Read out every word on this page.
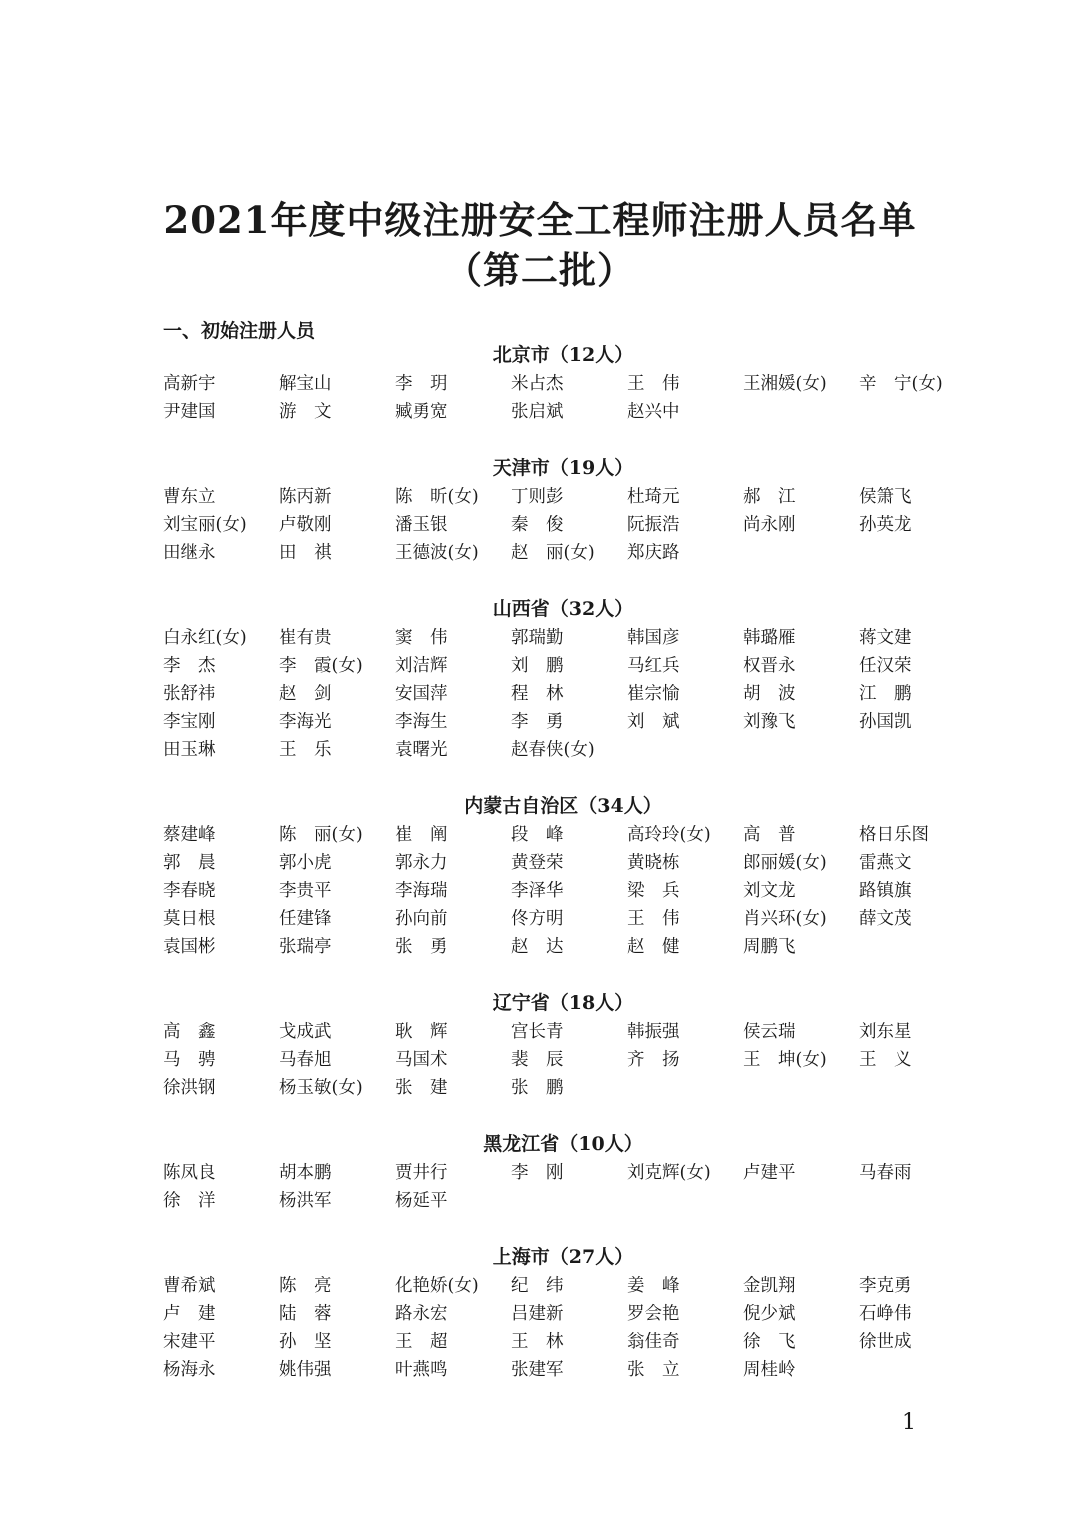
2021年度中级注册安全工程师注册人员名单
（第二批）
一、初始注册人员
北京市（12人）
高新宇	解宝山	李　玥	米占杰	王　伟	王湘媛(女)	辛　宁(女)
尹建国	游　文	臧勇宽	张启斌	赵兴中
天津市（19人）
曹东立	陈丙新	陈　昕(女)	丁则彭	杜琦元	郝　江	侯箫飞
刘宝丽(女)	卢敬刚	潘玉银	秦　俊	阮振浩	尚永刚	孙英龙
田继永	田　祺	王德波(女)	赵　丽(女)	郑庆路
山西省（32人）
白永红(女)	崔有贵	窦　伟	郭瑞勤	韩国彦	韩璐雁	蒋文建
李　杰	李　霞(女)	刘洁辉	刘　鹏	马红兵	权晋永	任汉荣
张舒祎	赵　剑	安国萍	程　林	崔宗愉	胡　波	江　鹏
李宝刚	李海光	李海生	李　勇	刘　斌	刘豫飞	孙国凯
田玉琳	王　乐	袁曙光	赵春侠(女)
内蒙古自治区（34人）
蔡建峰	陈　丽(女)	崔　阐	段　峰	高玲玲(女)	高　普	格日乐图
郭　晨	郭小虎	郭永力	黄登荣	黄晓栋	郎丽媛(女)	雷燕文
李春晓	李贵平	李海瑞	李泽华	梁　兵	刘文龙	路镇旗
莫日根	任建锋	孙向前	佟方明	王　伟	肖兴环(女)	薛文茂
袁国彬	张瑞亭	张　勇	赵　达	赵　健	周鹏飞
辽宁省（18人）
高　鑫	戈成武	耿　辉	宫长青	韩振强	侯云瑞	刘东星
马　骋	马春旭	马国术	裴　辰	齐　扬	王　坤(女)	王　义
徐洪钢	杨玉敏(女)	张　建	张　鹏
黑龙江省（10人）
陈凤良	胡本鹏	贾井行	李　刚	刘克辉(女)	卢建平	马春雨
徐　洋	杨洪军	杨延平
上海市（27人）
曹希斌	陈　亮	化艳娇(女)	纪　纬	姜　峰	金凯翔	李克勇
卢　建	陆　蓉	路永宏	吕建新	罗会艳	倪少斌	石峥伟
宋建平	孙　坚	王　超	王　林	翁佳奇	徐　飞	徐世成
杨海永	姚伟强	叶燕鸣	张建军	张　立	周桂岭
1
